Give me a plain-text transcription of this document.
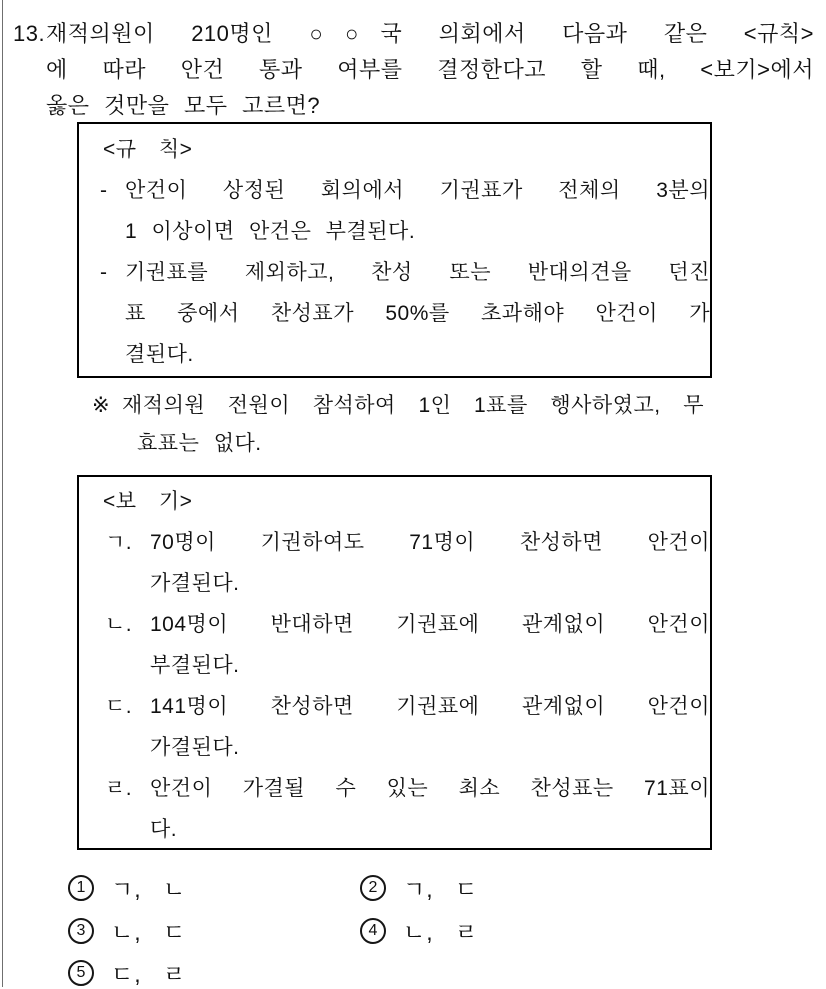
13. 재적의원이 210명인 ○○국 의회에서 다음과 같은 <규칙>
에 따라 안건 통과 여부를 결정한다고 할 때, <보기>에서
옳은 것만을 모두 고르면?
<규 칙>
- 안건이 상정된 회의에서 기권표가 전체의 3분의
1 이상이면 안건은 부결된다.
- 기권표를 제외하고, 찬성 또는 반대의견을 던진
표 중에서 찬성표가 50%를 초과해야 안건이 가
결된다.
※ 재적의원 전원이 참석하여 1인 1표를 행사하였고, 무
효표는 없다.
<보 기>
ㄱ. 70명이 기권하여도 71명이 찬성하면 안건이
가결된다.
ㄴ. 104명이 반대하면 기권표에 관계없이 안건이
부결된다.
ㄷ. 141명이 찬성하면 기권표에 관계없이 안건이
가결된다.
ㄹ. 안건이 가결될 수 있는 최소 찬성표는 71표이
다.
1	ㄱ, ㄴ	2	ㄱ, ㄷ
3	ㄴ, ㄷ	4	ㄴ, ㄹ
5	ㄷ, ㄹ
